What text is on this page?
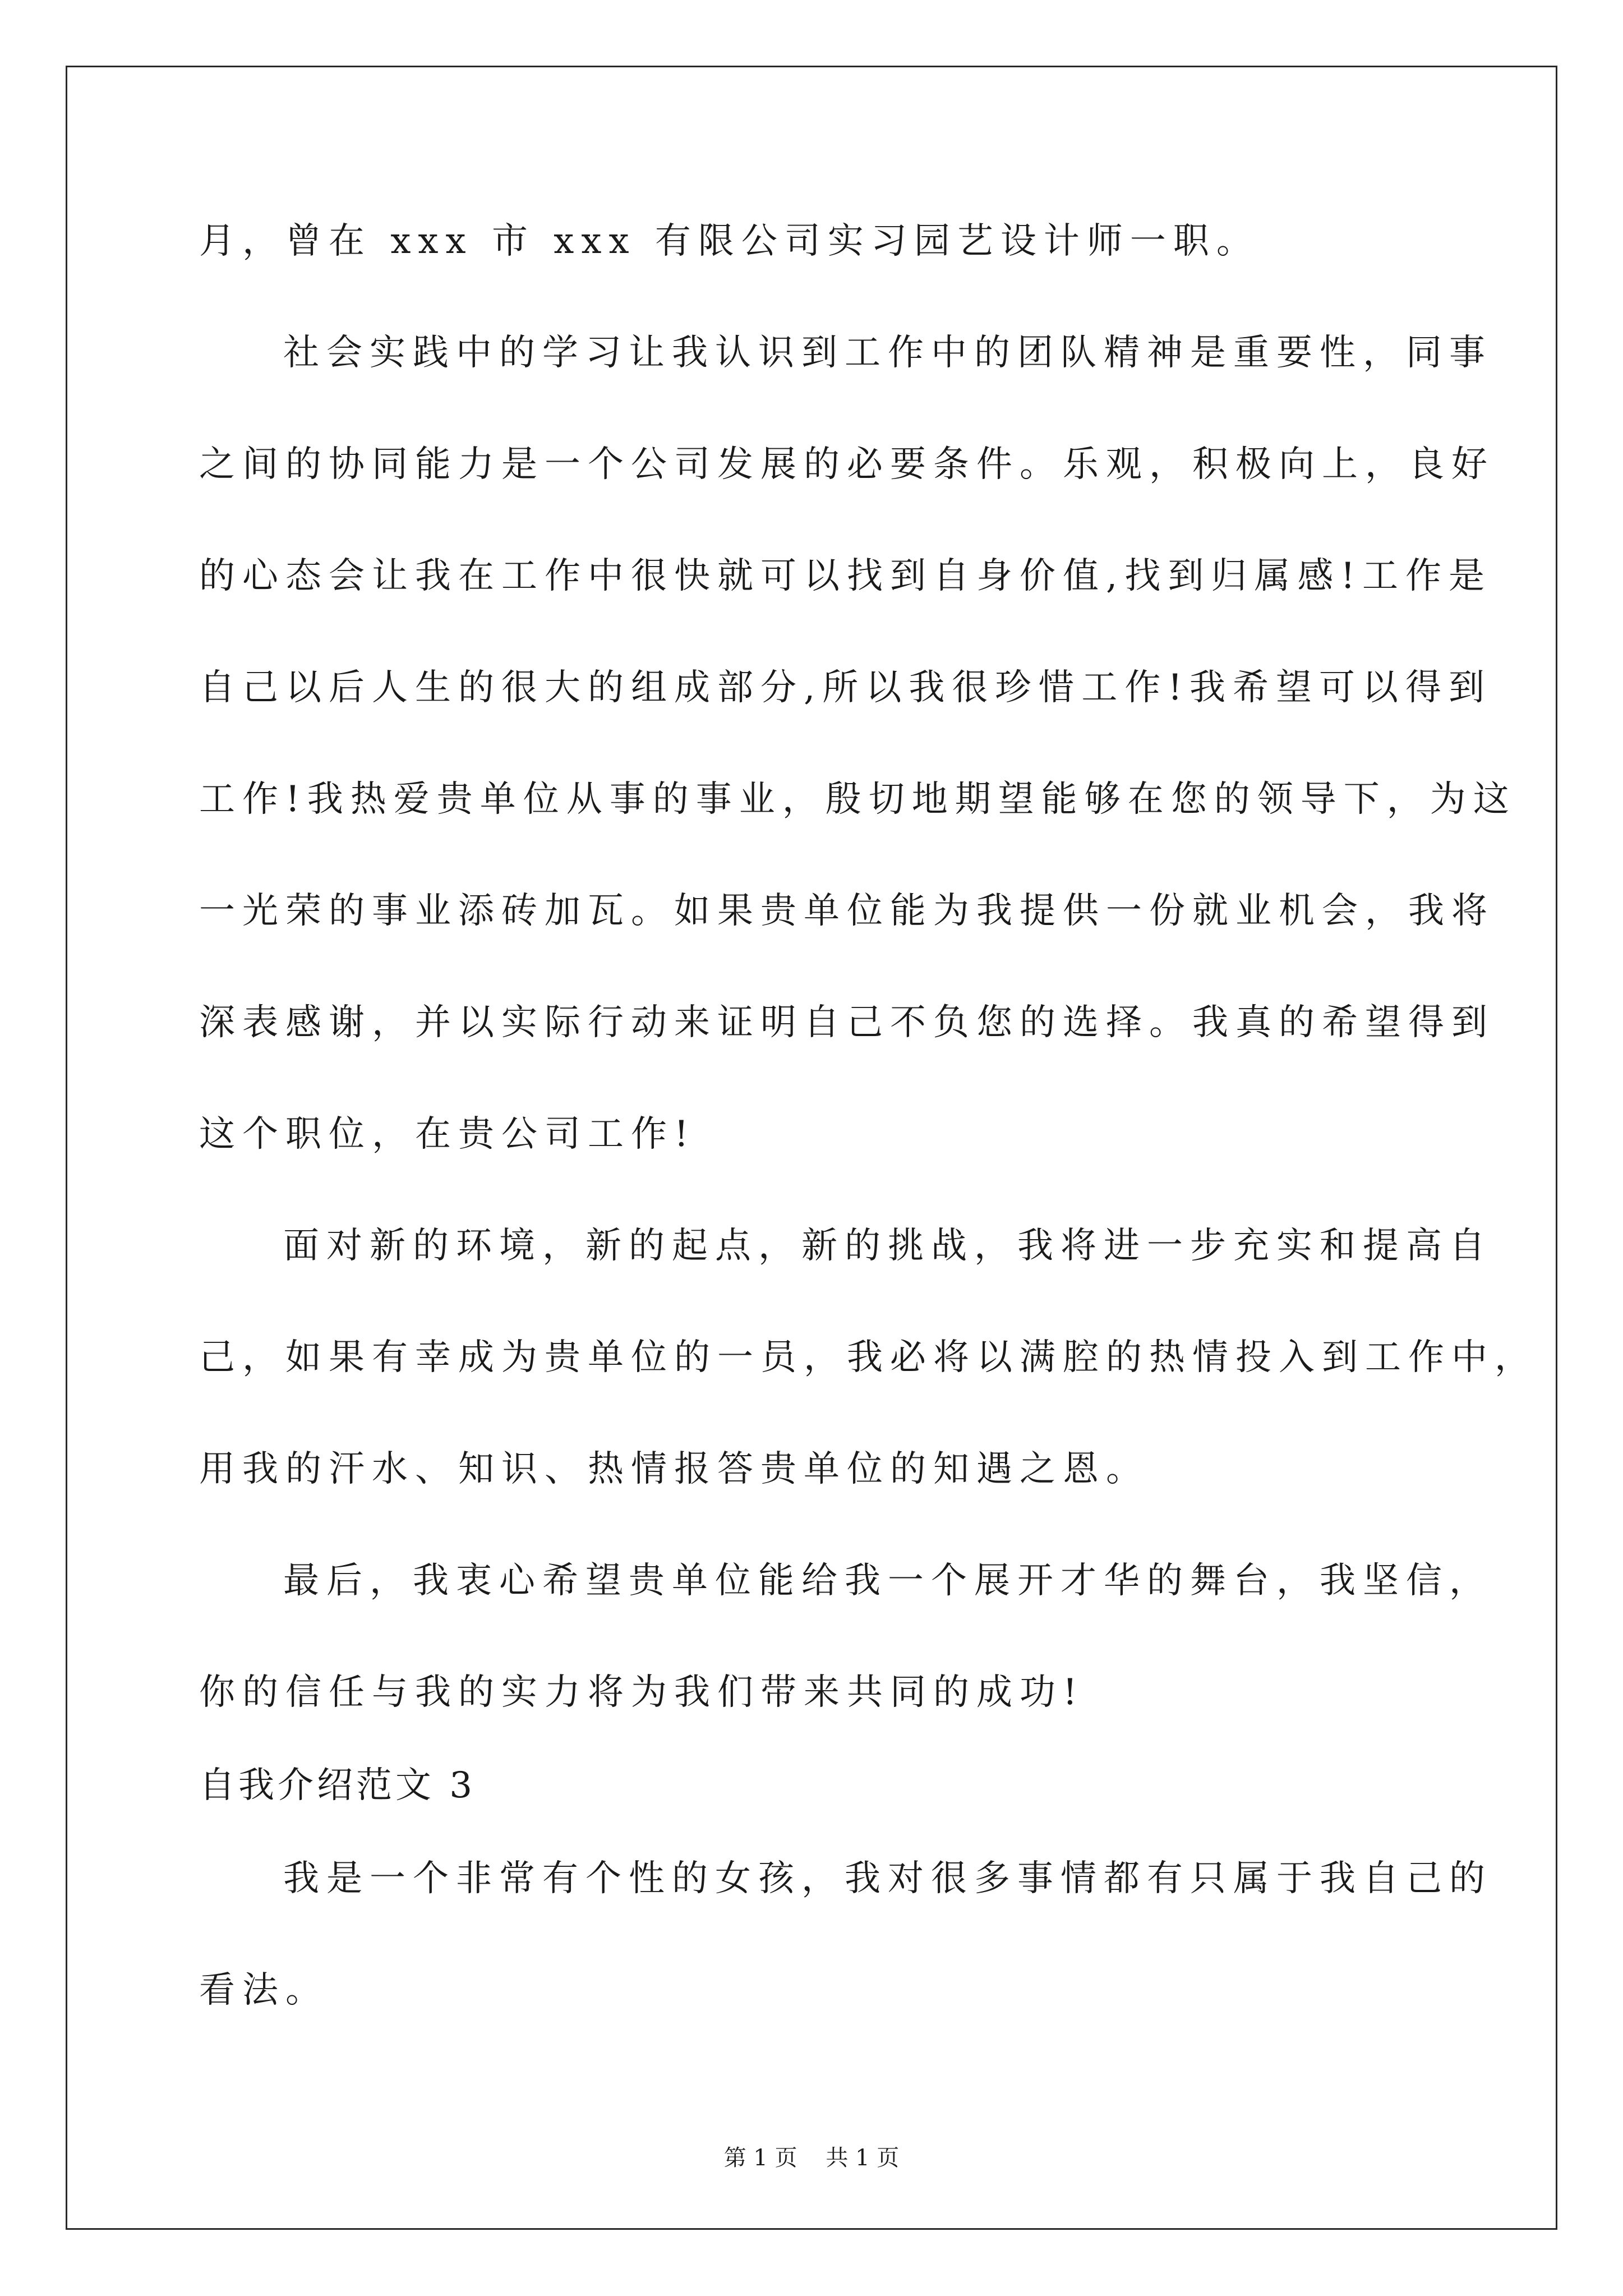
月，曾在 xxx 市 xxx 有限公司实习园艺设计师一职。
社会实践中的学习让我认识到工作中的团队精神是重要性，同事
之间的协同能力是一个公司发展的必要条件。乐观，积极向上，良好
的心态会让我在工作中很快就可以找到自身价值,找到归属感!工作是
自己以后人生的很大的组成部分,所以我很珍惜工作!我希望可以得到
工作!我热爱贵单位从事的事业，殷切地期望能够在您的领导下，为这
一光荣的事业添砖加瓦。如果贵单位能为我提供一份就业机会，我将
深表感谢，并以实际行动来证明自己不负您的选择。我真的希望得到
这个职位，在贵公司工作!
面对新的环境，新的起点，新的挑战，我将进一步充实和提高自
己，如果有幸成为贵单位的一员，我必将以满腔的热情投入到工作中，
用我的汗水、知识、热情报答贵单位的知遇之恩。
最后，我衷心希望贵单位能给我一个展开才华的舞台，我坚信，
你的信任与我的实力将为我们带来共同的成功!
自我介绍范文 3
我是一个非常有个性的女孩，我对很多事情都有只属于我自己的
看法。
第 1 页    共 1 页
